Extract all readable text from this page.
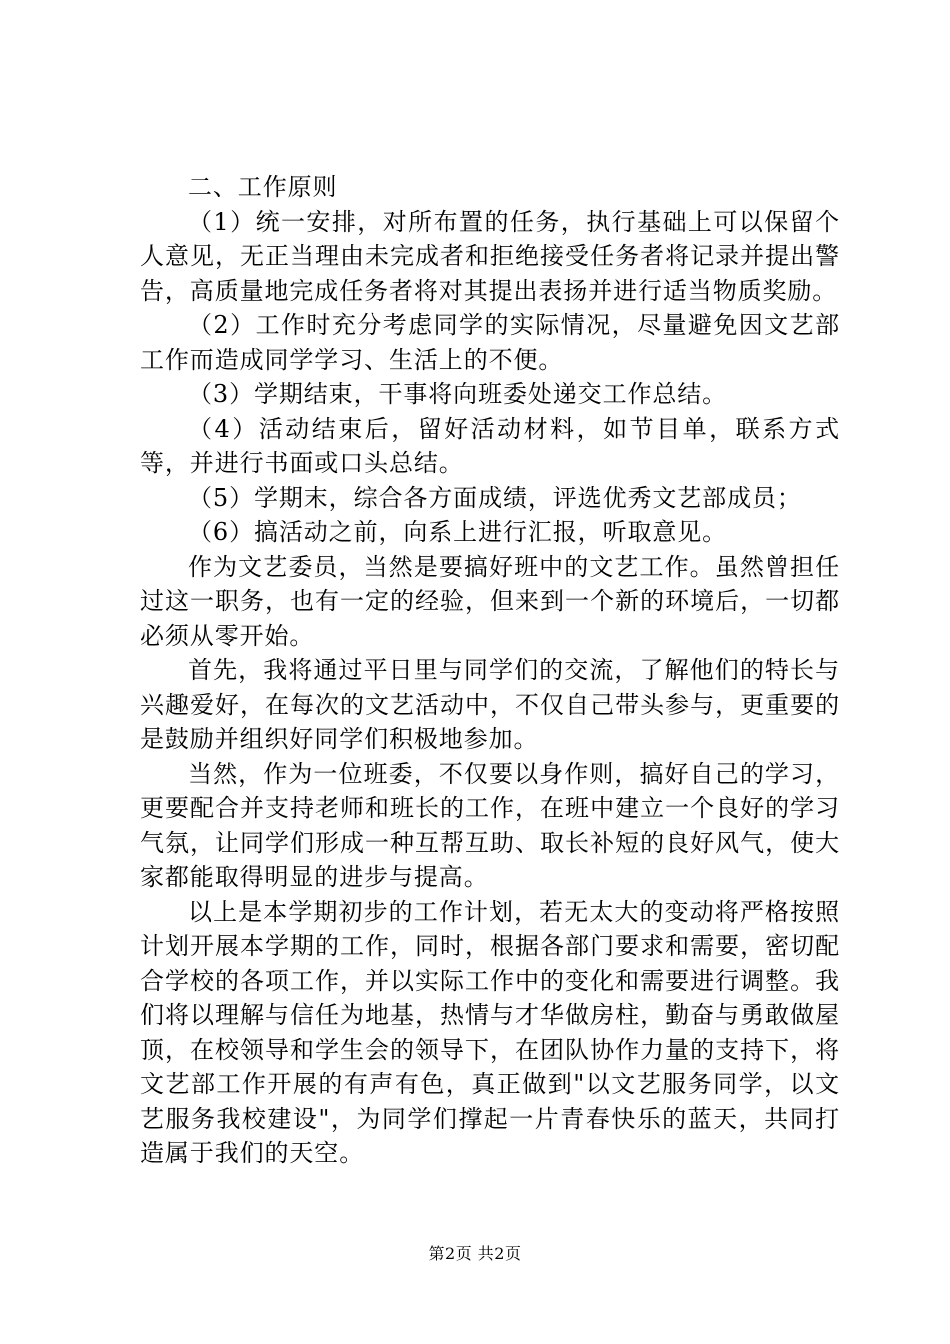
二、工作原则

（1）统一安排，对所布置的任务，执行基础上可以保留个人意见，无正当理由未完成者和拒绝接受任务者将记录并提出警告，高质量地完成任务者将对其提出表扬并进行适当物质奖励。

（2）工作时充分考虑同学的实际情况，尽量避免因文艺部工作而造成同学学习、生活上的不便。

（3）学期结束，干事将向班委处递交工作总结。

（4）活动结束后，留好活动材料，如节目单，联系方式等，并进行书面或口头总结。

（5）学期末，综合各方面成绩，评选优秀文艺部成员；

（6）搞活动之前，向系上进行汇报，听取意见。

作为文艺委员，当然是要搞好班中的文艺工作。虽然曾担任过这一职务，也有一定的经验，但来到一个新的环境后，一切都必须从零开始。

首先，我将通过平日里与同学们的交流，了解他们的特长与兴趣爱好，在每次的文艺活动中，不仅自己带头参与，更重要的是鼓励并组织好同学们积极地参加。

当然，作为一位班委，不仅要以身作则，搞好自己的学习，更要配合并支持老师和班长的工作，在班中建立一个良好的学习气氛，让同学们形成一种互帮互助、取长补短的良好风气，使大家都能取得明显的进步与提高。

以上是本学期初步的工作计划，若无太大的变动将严格按照计划开展本学期的工作，同时，根据各部门要求和需要，密切配合学校的各项工作，并以实际工作中的变化和需要进行调整。我们将以理解与信任为地基，热情与才华做房柱，勤奋与勇敢做屋顶，在校领导和学生会的领导下，在团队协作力量的支持下，将文艺部工作开展的有声有色，真正做到"以文艺服务同学，以文艺服务我校建设"，为同学们撑起一片青春快乐的蓝天，共同打造属于我们的天空。

第2页 共2页
